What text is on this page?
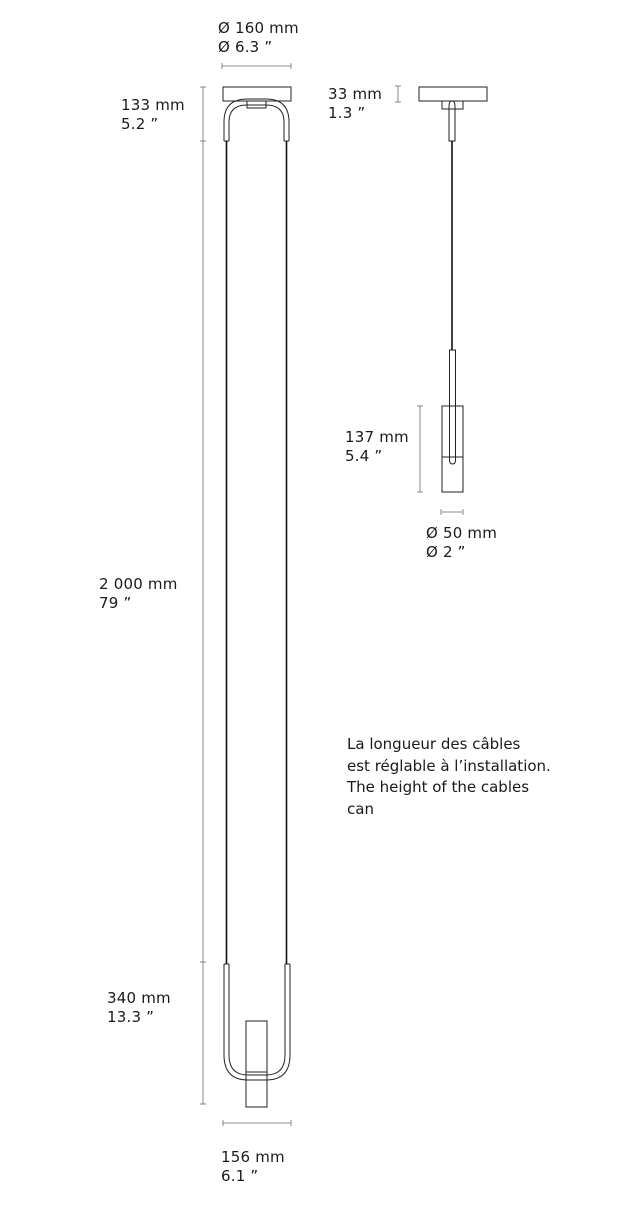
Ø 160 mm
Ø 6.3 ”
133 mm
5.2 ”
2 000 mm
79 ”
340 mm
13.3 ”
156 mm
6.1 ”
33 mm
1.3 ”
137 mm
5.4 ”
Ø 50 mm
Ø 2 ”
La longueur des câbles
est réglable à l’installation.
The height of the cables
can
